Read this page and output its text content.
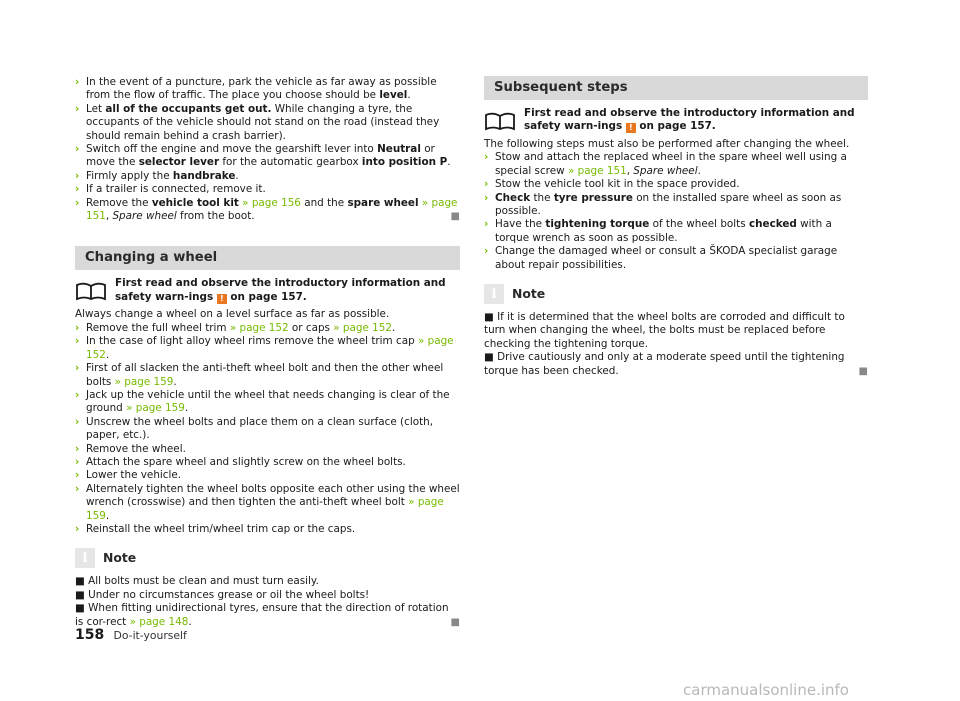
› In the event of a puncture, park the vehicle as far away as possible from the flow of traffic. The place you choose should be level.

› Let all of the occupants get out. While changing a tyre, the occupants of the vehicle should not stand on the road (instead they should remain behind a crash barrier).

› Switch off the engine and move the gearshift lever into Neutral or move the selector lever for the automatic gearbox into position P.

› Firmly apply the handbrake.

› If a trailer is connected, remove it.

› Remove the vehicle tool kit » page 156 and the spare wheel » page 151, Spare wheel from the boot.	■

Changing a wheel
First read and observe the introductory information and safety warn-ings ! on page 157.

Always change a wheel on a level surface as far as possible.

› Remove the full wheel trim » page 152 or caps » page 152.

› In the case of light alloy wheel rims remove the wheel trim cap » page 152.

› First of all slacken the anti-theft wheel bolt and then the other wheel bolts » page 159.

› Jack up the vehicle until the wheel that needs changing is clear of the ground » page 159.

› Unscrew the wheel bolts and place them on a clean surface (cloth, paper, etc.).

› Remove the wheel.

› Attach the spare wheel and slightly screw on the wheel bolts.

› Lower the vehicle.

› Alternately tighten the wheel bolts opposite each other using the wheel wrench (crosswise) and then tighten the anti-theft wheel bolt » page 159.

› Reinstall the wheel trim/wheel trim cap or the caps.

i	Note

■ All bolts must be clean and must turn easily.

■ Under no circumstances grease or oil the wheel bolts!

■ When fitting unidirectional tyres, ensure that the direction of rotation is cor-rect » page 148.	■

Subsequent steps
First read and observe the introductory information and safety warn-ings ! on page 157.

The following steps must also be performed after changing the wheel.

› Stow and attach the replaced wheel in the spare wheel well using a special screw » page 151, Spare wheel.

› Stow the vehicle tool kit in the space provided.

› Check the tyre pressure on the installed spare wheel as soon as possible.

› Have the tightening torque of the wheel bolts checked with a torque wrench as soon as possible.

› Change the damaged wheel or consult a ŠKODA specialist garage about repair possibilities.

i	Note

■ If it is determined that the wheel bolts are corroded and difficult to turn when changing the wheel, the bolts must be replaced before checking the tightening torque.

■ Drive cautiously and only at a moderate speed until the tightening torque has been checked.	■

158 Do-it-yourself
carmanualsonline.info
